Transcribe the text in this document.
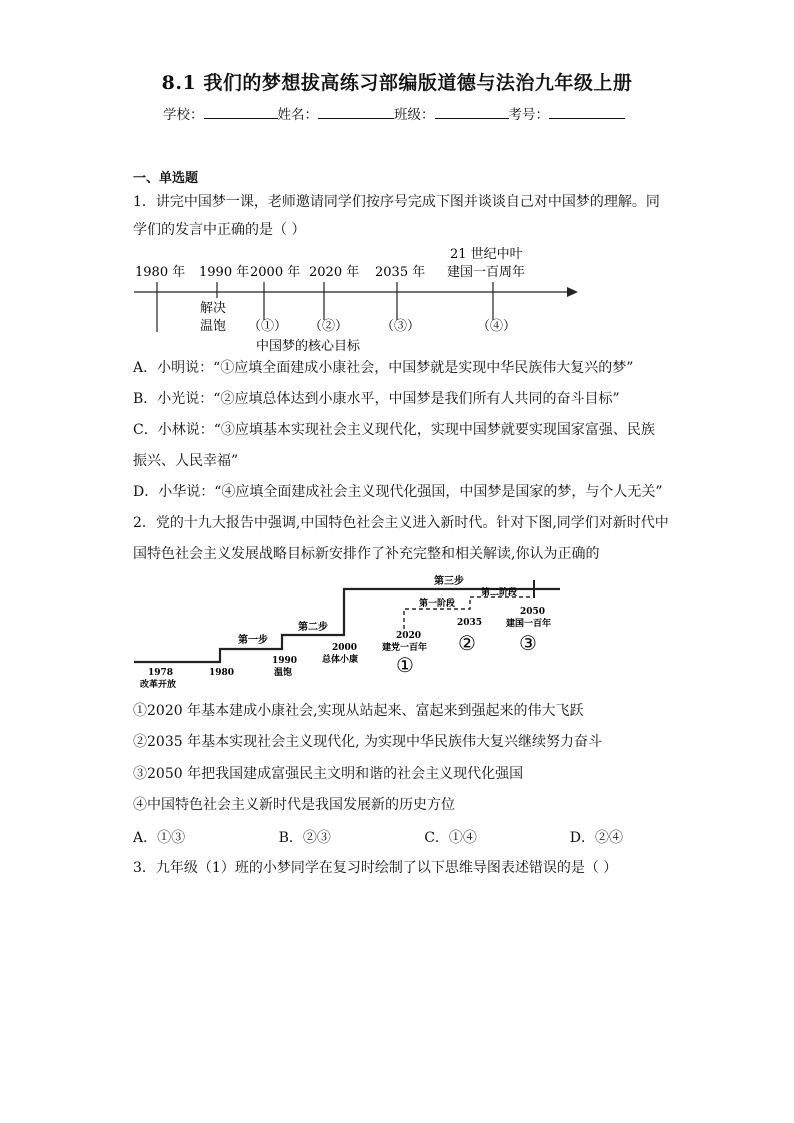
8.1 我们的梦想拔高练习部编版道德与法治九年级上册
学校：	姓名：	班级：	考号：
一、单选题
1．讲完中国梦一课，老师邀请同学们按序号完成下图并谈谈自己对中国梦的理解。同
学们的发言中正确的是（ ）
1980 年 1990 年 2000 年 2020 年 2035 年
21 世纪中叶
建国一百周年
解决
温饱 （①） （②）	（③）	（④）
中国梦的核心目标
A．小明说：“①应填全面建成小康社会，中国梦就是实现中华民族伟大复兴的梦”
B．小光说：“②应填总体达到小康水平，中国梦是我们所有人共同的奋斗目标”
C．小林说：“③应填基本实现社会主义现代化，实现中国梦就要实现国家富强、民族
振兴、人民幸福”
D．小华说：“④应填全面建成社会主义现代化强国，中国梦是国家的梦，与个人无关”
2．党的十九大报告中强调,中国特色社会主义进入新时代。针对下图,同学们对新时代中
国特色社会主义发展战略目标新安排作了补充完整和相关解读,你认为正确的
第一步
第二步
第三步
第一阶段
第二阶段
1978
改革开放
1980
1990
温饱
2000
总体小康
2020
建党一百年
2035
2050
建国一百年
①
② ③
①2020 年基本建成小康社会,实现从站起来、富起来到强起来的伟大飞跃
②2035 年基本实现社会主义现代化, 为实现中华民族伟大复兴继续努力奋斗
③2050 年把我国建成富强民主文明和谐的社会主义现代化强国
④中国特色社会主义新时代是我国发展新的历史方位
A．①③	B．②③	C．①④	D．②④
3．九年级（1）班的小梦同学在复习时绘制了以下思维导图表述错误的是（ ）
